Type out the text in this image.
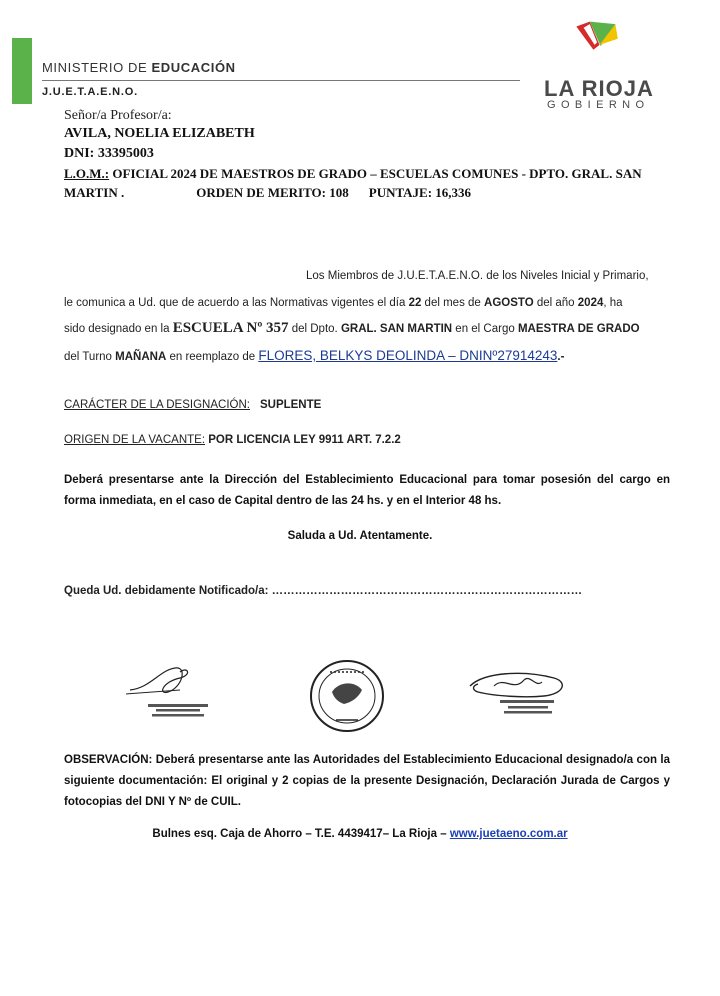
MINISTERIO DE EDUCACIÓN
J.U.E.T.A.E.N.O.	LA RIOJA
GOBIERNO
Señor/a Profesor/a:
AVILA, NOELIA ELIZABETH
DNI: 33395003
L.O.M.: OFICIAL 2024 DE MAESTROS DE GRADO – ESCUELAS COMUNES - DPTO. GRAL. SAN
MARTIN .	ORDEN DE MERITO: 108 PUNTAJE: 16,336
Los Miembros de J.U.E.T.A.E.N.O. de los Niveles Inicial y Primario,
le comunica a Ud. que de acuerdo a las Normativas vigentes el día 22 del mes de AGOSTO del año 2024, ha
sido designado en la ESCUELA Nº 357 del Dpto. GRAL. SAN MARTIN en el Cargo MAESTRA DE GRADO
del Turno MAÑANA en reemplazo de FLORES, BELKYS DEOLINDA – DNINº27914243.-
CARÁCTER DE LA DESIGNACIÓN: SUPLENTE
ORIGEN DE LA VACANTE: POR LICENCIA LEY 9911 ART. 7.2.2
Deberá presentarse ante la Dirección del Establecimiento Educacional para tomar posesión del cargo en forma inmediata, en el caso de Capital dentro de las 24 hs. y en el Interior 48 hs.
Saluda a Ud. Atentamente.
Queda Ud. debidamente Notificado/a: ………………………………………………………………………
OBSERVACIÓN: Deberá presentarse ante las Autoridades del Establecimiento Educacional designado/a con la siguiente documentación: El original y 2 copias de la presente Designación, Declaración Jurada de Cargos y fotocopias del DNI Y Nº de CUIL.
Bulnes esq. Caja de Ahorro – T.E. 4439417– La Rioja – www.juetaeno.com.ar
